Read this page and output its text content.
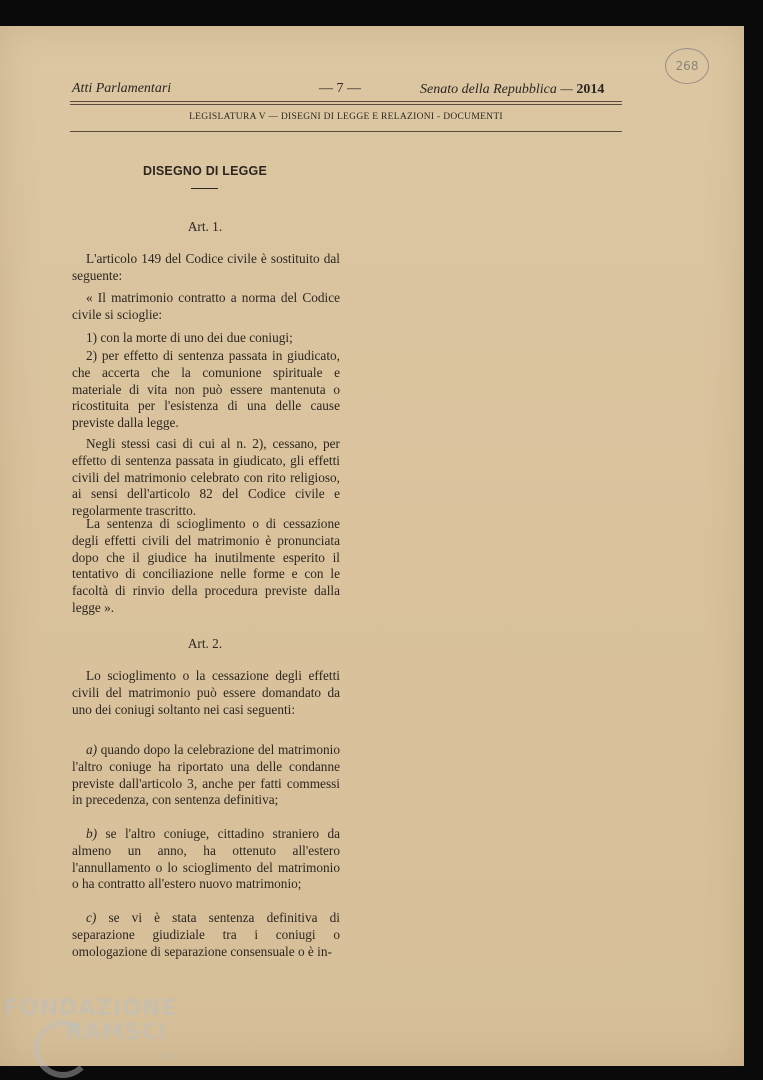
268
Atti Parlamentari	— 7 —	Senato della Repubblica — 2014
LEGISLATURA V — DISEGNI DI LEGGE E RELAZIONI - DOCUMENTI
DISEGNO DI LEGGE
Art. 1.

L'articolo 149 del Codice civile è sostituito dal seguente:

« Il matrimonio contratto a norma del Codice civile si scioglie:

1) con la morte di uno dei due coniugi;

2) per effetto di sentenza passata in giudicato, che accerta che la comunione spirituale e materiale di vita non può essere mantenuta o ricostituita per l'esistenza di una delle cause previste dalla legge.

Negli stessi casi di cui al n. 2), cessano, per effetto di sentenza passata in giudicato, gli effetti civili del matrimonio celebrato con rito religioso, ai sensi dell'articolo 82 del Codice civile e regolarmente trascritto.

La sentenza di scioglimento o di cessazione degli effetti civili del matrimonio è pronunciata dopo che il giudice ha inutilmente esperito il tentativo di conciliazione nelle forme e con le facoltà di rinvio della procedura previste dalla legge ».

Art. 2.

Lo scioglimento o la cessazione degli effetti civili del matrimonio può essere domandato da uno dei coniugi soltanto nei casi seguenti:

a) quando dopo la celebrazione del matrimonio l'altro coniuge ha riportato una delle condanne previste dall'articolo 3, anche per fatti commessi in precedenza, con sentenza definitiva;

b) se l'altro coniuge, cittadino straniero da almeno un anno, ha ottenuto all'estero l'annullamento o lo scioglimento del matrimonio o ha contratto all'estero nuovo matrimonio;

c) se vi è stata sentenza definitiva di separazione giudiziale tra i coniugi o omologazione di separazione consensuale o è in-

FONDAZIONE
RAMSCI
onlus
